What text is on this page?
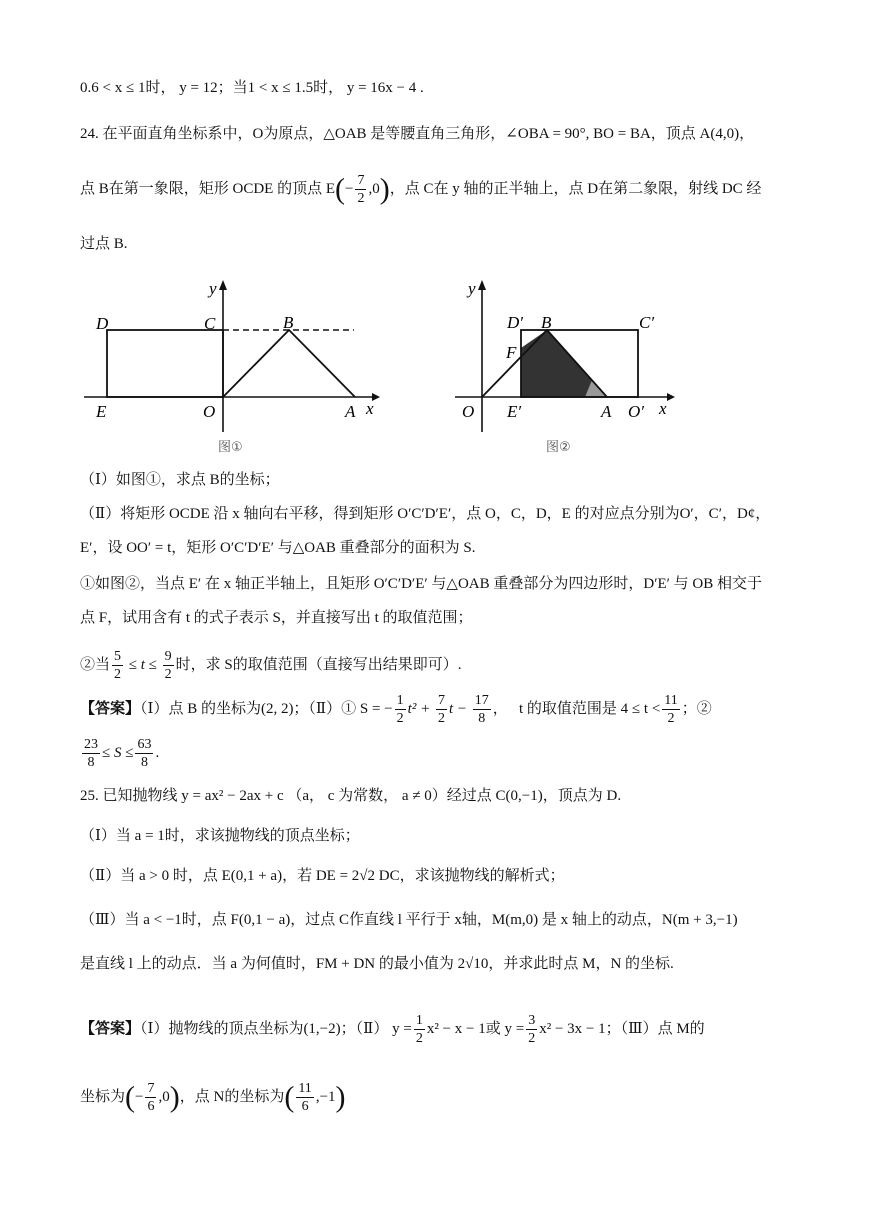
0.6 < x ≤ 1时， y = 12；当1 < x ≤ 1.5时， y = 16x − 4 .
24. 在平面直角坐标系中，O为原点，△OAB 是等腰直角三角形，∠OBA = 90°, BO = BA，顶点 A(4,0)，
点 B在第一象限，矩形 OCDE 的顶点 $E(- \frac{7}{2} ,0)$，点 C在 y 轴的正半轴上，点 D在第二象限，射线 DC 经
过点 B.
D	C	B
E	O	A x
y
图①
D′ B	C′
F
O E′	A O′ x
y
图②
（Ⅰ）如图①，求点 B的坐标；
（Ⅱ）将矩形 OCDE 沿 x 轴向右平移，得到矩形 O′C′D′E′，点 O，C，D，E 的对应点分别为O′，C′，D¢，
E′，设 OO′ = t，矩形 O′C′D′E′ 与△OAB 重叠部分的面积为 S.
①如图②，当点 E′ 在 x 轴正半轴上，且矩形 O′C′D′E′ 与△OAB 重叠部分为四边形时，D′E′ 与 OB 相交于
点 F，试用含有 t 的式子表示 S，并直接写出 t 的取值范围；
②当 $\frac{5}{2} \le t \le \frac{9}{2}$ 时，求 S的取值范围（直接写出结果即可）.
【答案】（Ⅰ）点 B 的坐标为(2, 2)；（Ⅱ）① S = − $\frac{1}{2} t^2 + \frac{7}{2}$ $t - \frac{17}{8}$ ，   t 的取值范围是 $4 \le t < \frac{11}{2}$ ；②
$\frac{23}{8} \le S \le \frac{63}{8}$ .
25. 已知抛物线 y = ax² − 2ax + c （a， c 为常数， a ≠ 0）经过点 C(0,−1)，顶点为 D.
（Ⅰ）当 a = 1时，求该抛物线的顶点坐标；
（Ⅱ）当 a > 0 时，点 E(0,1 + a)，若 DE = 2√2 DC，求该抛物线的解析式；
（Ⅲ）当 a < −1时，点 F(0,1 − a)，过点 C作直线 l 平行于 x轴，M(m,0) 是 x 轴上的动点，N(m + 3,−1)
是直线 l 上的动点．当 a 为何值时，FM + DN 的最小值为 2√10，并求此时点 M，N 的坐标.
【答案】（Ⅰ）抛物线的顶点坐标为(1,−2)；（Ⅱ） $y = \frac{1}{2} x^2 - x - 1$或 $y = \frac{3}{2} x^2 - 3x - 1$；（Ⅲ）点 M的
坐标为(− $\frac{7}{6} ,0$)，点 N的坐标为( $\frac{11}{6} ,-1$)
